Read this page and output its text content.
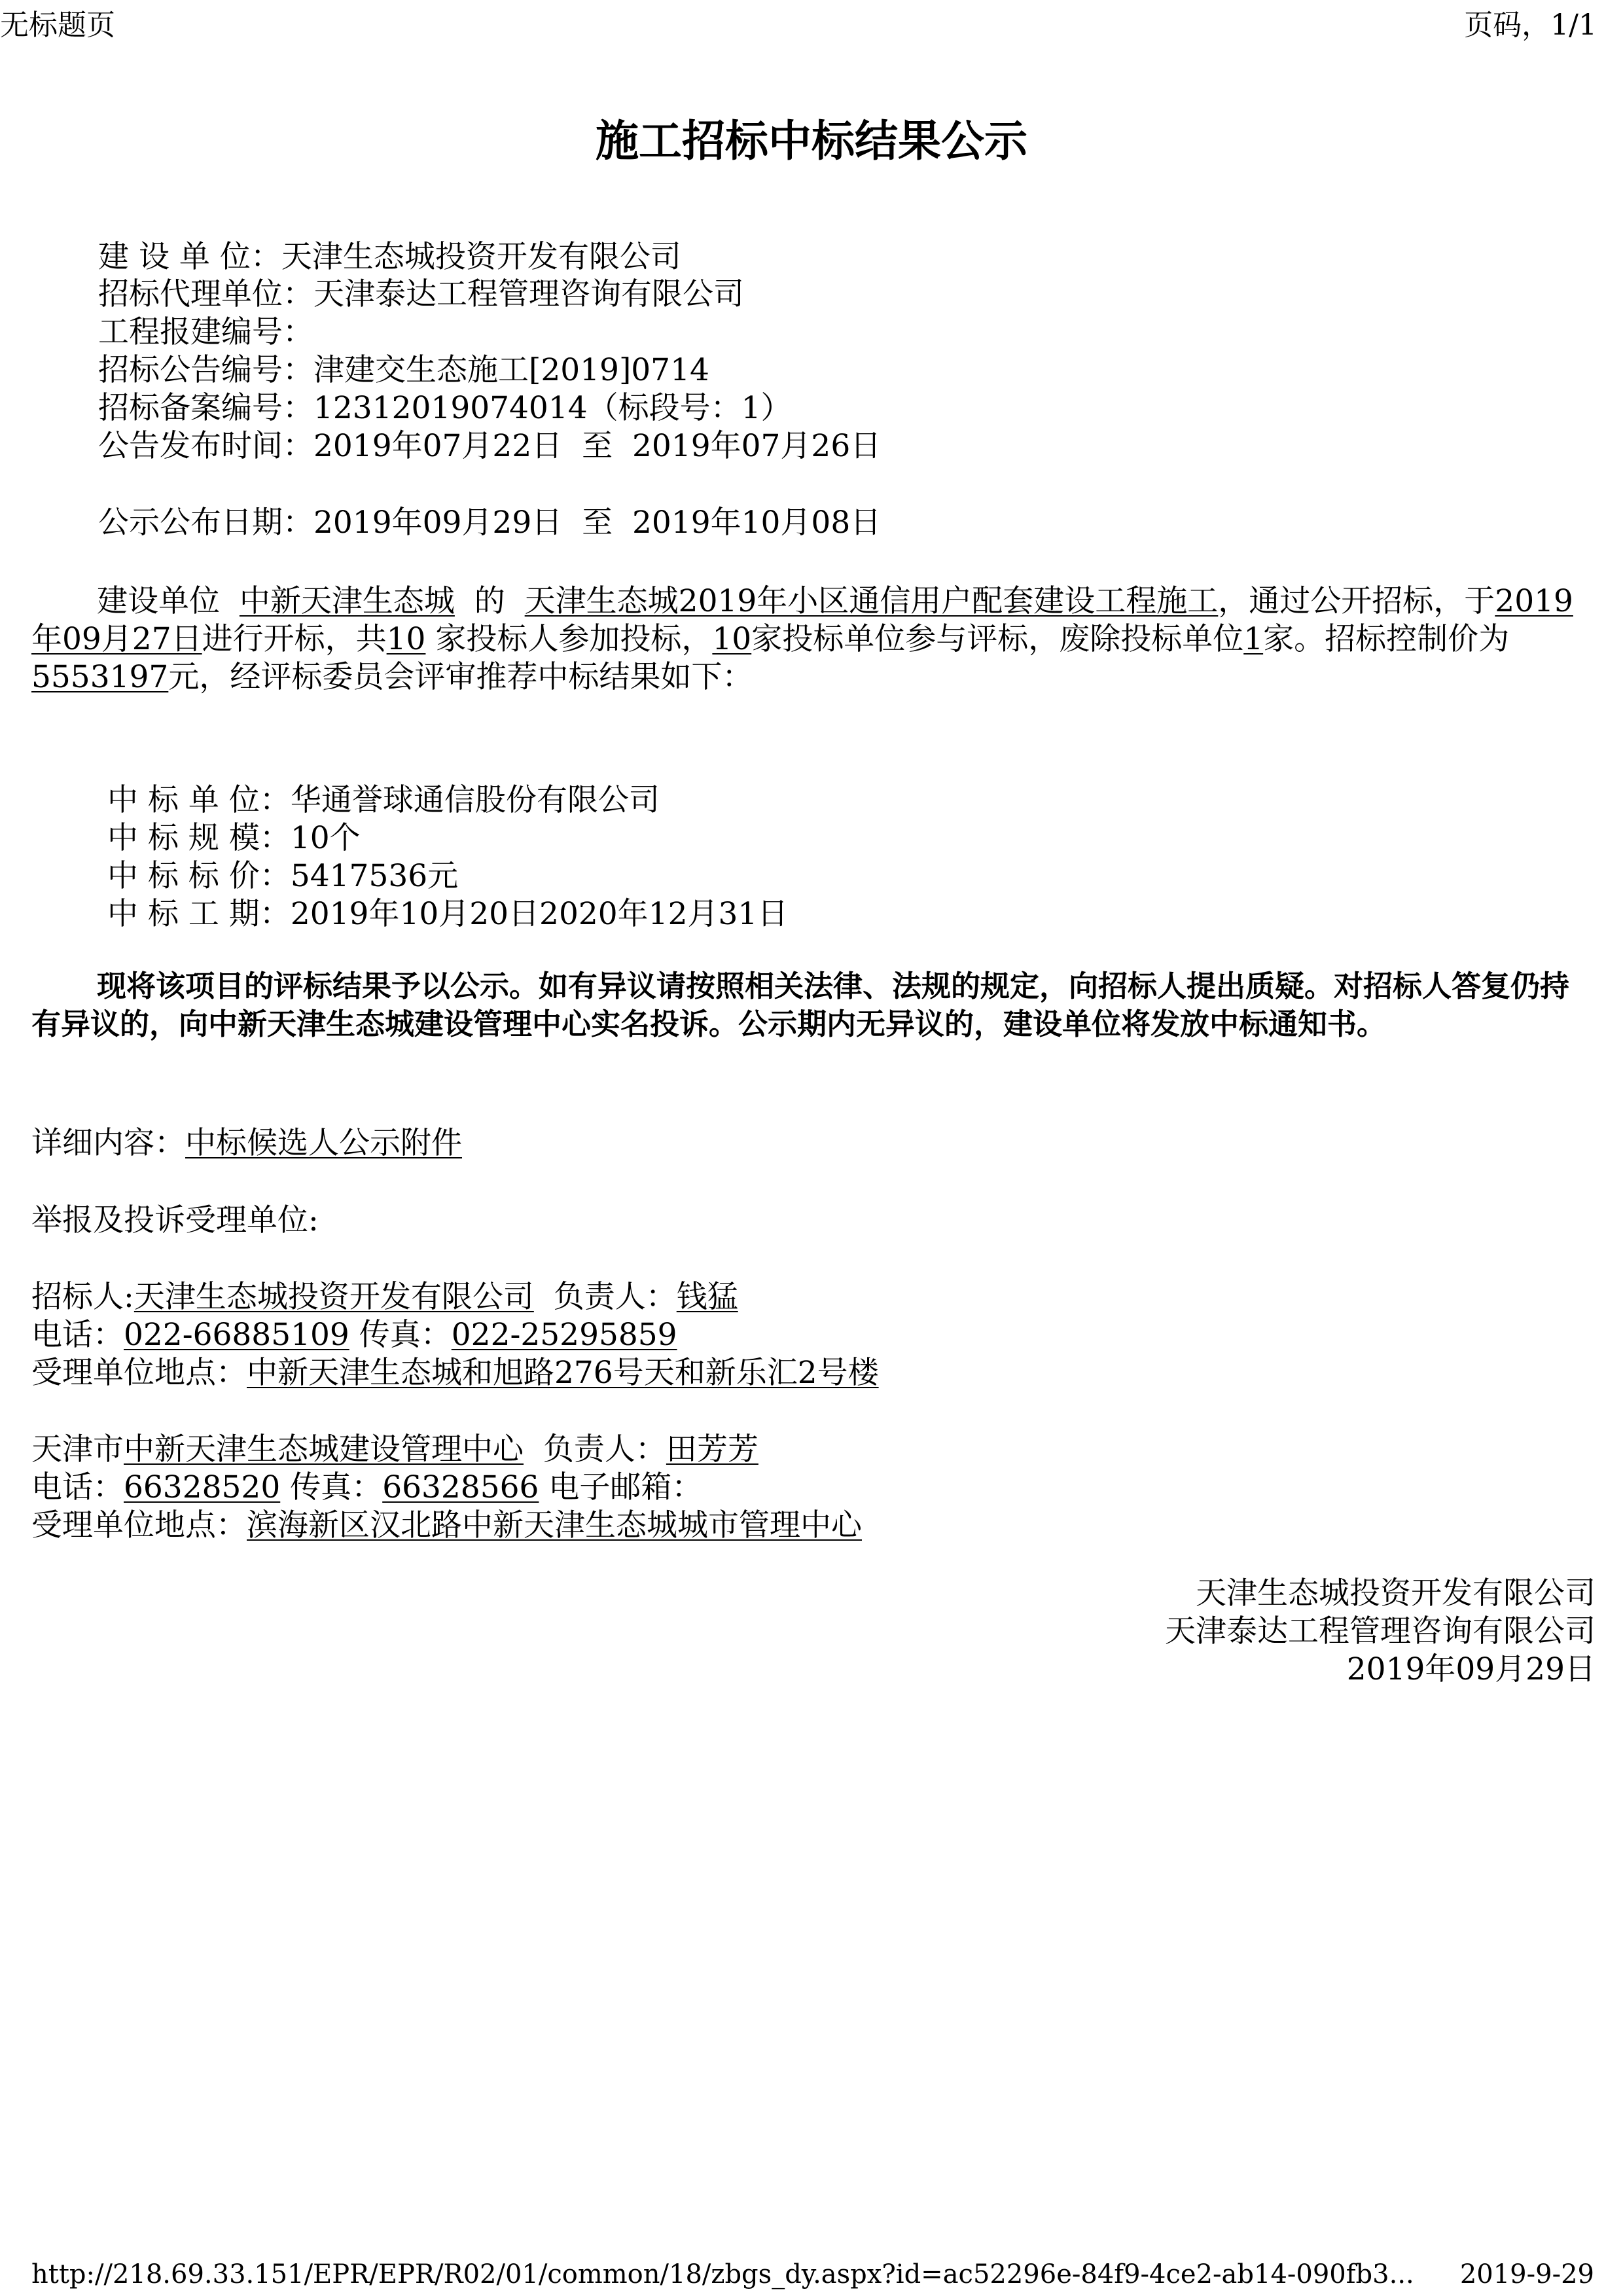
无标题页	页码，1/1
施工招标中标结果公示
建 设 单 位：天津生态城投资开发有限公司
招标代理单位：天津泰达工程管理咨询有限公司
工程报建编号：
招标公告编号：津建交生态施工[2019]0714
招标备案编号：12312019074014（标段号：1）
公告发布时间：2019年07月22日 至 2019年07月26日
公示公布日期：2019年09月29日 至 2019年10月08日
建设单位 中新天津生态城 的 天津生态城2019年小区通信用户配套建设工程施工，通过公开招标，于2019年09月27日进行开标，共10 家投标人参加投标，10家投标单位参与评标，废除投标单位1家。招标控制价为5553197元，经评标委员会评审推荐中标结果如下：
中 标 单 位：华通誉球通信股份有限公司
中 标 规 模：10个
中 标 标 价：5417536元
中 标 工 期：2019年10月20日2020年12月31日
现将该项目的评标结果予以公示。如有异议请按照相关法律、法规的规定，向招标人提出质疑。对招标人答复仍持有异议的，向中新天津生态城建设管理中心实名投诉。公示期内无异议的，建设单位将发放中标通知书。
详细内容：中标候选人公示附件
举报及投诉受理单位:
招标人:天津生态城投资开发有限公司 负责人：钱猛
电话：022-66885109 传真：022-25295859
受理单位地点：中新天津生态城和旭路276号天和新乐汇2号楼
天津市中新天津生态城建设管理中心 负责人：田芳芳
电话：66328520 传真：66328566 电子邮箱：
受理单位地点：滨海新区汉北路中新天津生态城城市管理中心
天津生态城投资开发有限公司
天津泰达工程管理咨询有限公司
2019年09月29日
http://218.69.33.151/EPR/EPR/R02/01/common/18/zbgs_dy.aspx?id=ac52296e-84f9-4ce2-ab14-090fb3... 2019-9-29
